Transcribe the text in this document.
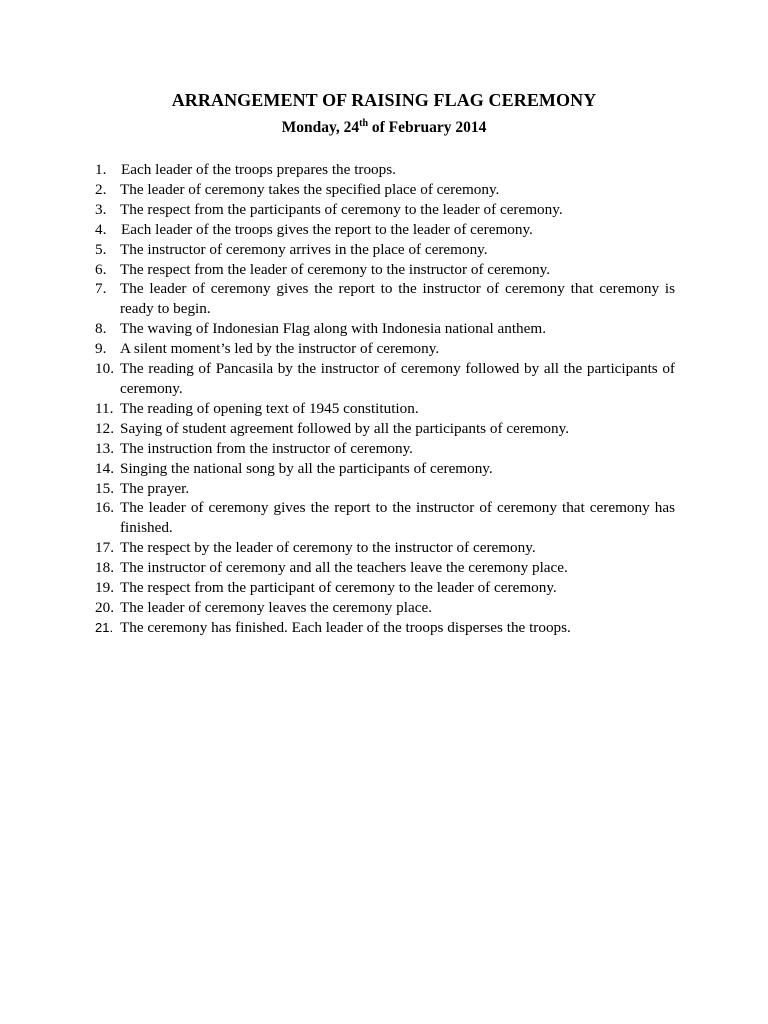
ARRANGEMENT OF RAISING FLAG CEREMONY
Monday, 24th of February 2014
1. Each leader of the troops prepares the troops.
2. The leader of ceremony takes the specified place of ceremony.
3. The respect from the participants of ceremony to the leader of ceremony.
4. Each leader of the troops gives the report to the leader of ceremony.
5. The instructor of ceremony arrives in the place of ceremony.
6. The respect from the leader of ceremony to the instructor of ceremony.
7. The leader of ceremony gives the report to the instructor of ceremony that ceremony is ready to begin.
8. The waving of Indonesian Flag along with Indonesia national anthem.
9. A silent moment’s led by the instructor of ceremony.
10. The reading of Pancasila by the instructor of ceremony followed by all the participants of ceremony.
11. The reading of opening text of 1945 constitution.
12. Saying of student agreement followed by all the participants of ceremony.
13. The instruction from the instructor of ceremony.
14. Singing the national song by all the participants of ceremony.
15. The prayer.
16. The leader of ceremony gives the report to the instructor of ceremony that ceremony has finished.
17. The respect by the leader of ceremony to the instructor of ceremony.
18. The instructor of ceremony and all the teachers leave the ceremony place.
19. The respect from the participant of ceremony to the leader of ceremony.
20. The leader of ceremony leaves the ceremony place.
21. The ceremony has finished. Each leader of the troops disperses the troops.
